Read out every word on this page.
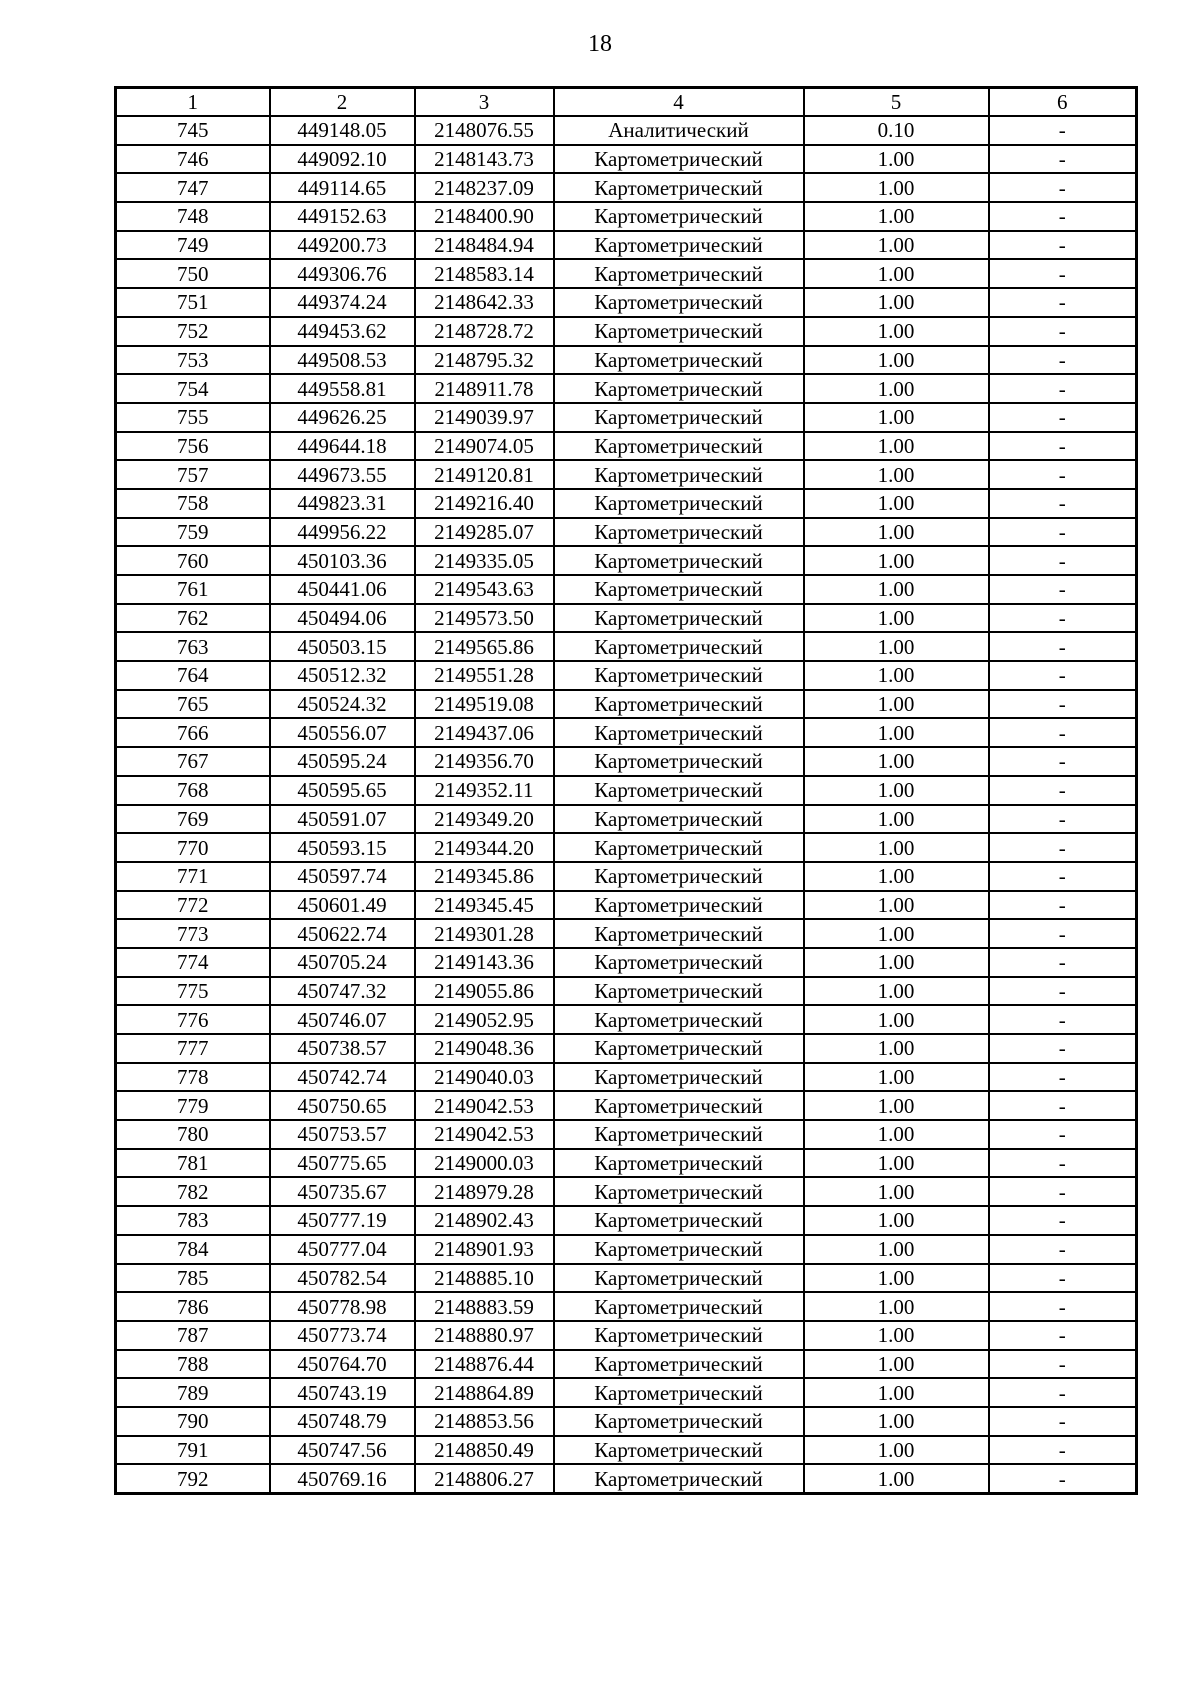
18
1	2	3	4	5	6
745	449148.05	2148076.55	Аналитический	0.10	-
746	449092.10	2148143.73	Картометрический	1.00	-
747	449114.65	2148237.09	Картометрический	1.00	-
748	449152.63	2148400.90	Картометрический	1.00	-
749	449200.73	2148484.94	Картометрический	1.00	-
750	449306.76	2148583.14	Картометрический	1.00	-
751	449374.24	2148642.33	Картометрический	1.00	-
752	449453.62	2148728.72	Картометрический	1.00	-
753	449508.53	2148795.32	Картометрический	1.00	-
754	449558.81	2148911.78	Картометрический	1.00	-
755	449626.25	2149039.97	Картометрический	1.00	-
756	449644.18	2149074.05	Картометрический	1.00	-
757	449673.55	2149120.81	Картометрический	1.00	-
758	449823.31	2149216.40	Картометрический	1.00	-
759	449956.22	2149285.07	Картометрический	1.00	-
760	450103.36	2149335.05	Картометрический	1.00	-
761	450441.06	2149543.63	Картометрический	1.00	-
762	450494.06	2149573.50	Картометрический	1.00	-
763	450503.15	2149565.86	Картометрический	1.00	-
764	450512.32	2149551.28	Картометрический	1.00	-
765	450524.32	2149519.08	Картометрический	1.00	-
766	450556.07	2149437.06	Картометрический	1.00	-
767	450595.24	2149356.70	Картометрический	1.00	-
768	450595.65	2149352.11	Картометрический	1.00	-
769	450591.07	2149349.20	Картометрический	1.00	-
770	450593.15	2149344.20	Картометрический	1.00	-
771	450597.74	2149345.86	Картометрический	1.00	-
772	450601.49	2149345.45	Картометрический	1.00	-
773	450622.74	2149301.28	Картометрический	1.00	-
774	450705.24	2149143.36	Картометрический	1.00	-
775	450747.32	2149055.86	Картометрический	1.00	-
776	450746.07	2149052.95	Картометрический	1.00	-
777	450738.57	2149048.36	Картометрический	1.00	-
778	450742.74	2149040.03	Картометрический	1.00	-
779	450750.65	2149042.53	Картометрический	1.00	-
780	450753.57	2149042.53	Картометрический	1.00	-
781	450775.65	2149000.03	Картометрический	1.00	-
782	450735.67	2148979.28	Картометрический	1.00	-
783	450777.19	2148902.43	Картометрический	1.00	-
784	450777.04	2148901.93	Картометрический	1.00	-
785	450782.54	2148885.10	Картометрический	1.00	-
786	450778.98	2148883.59	Картометрический	1.00	-
787	450773.74	2148880.97	Картометрический	1.00	-
788	450764.70	2148876.44	Картометрический	1.00	-
789	450743.19	2148864.89	Картометрический	1.00	-
790	450748.79	2148853.56	Картометрический	1.00	-
791	450747.56	2148850.49	Картометрический	1.00	-
792	450769.16	2148806.27	Картометрический	1.00	-
